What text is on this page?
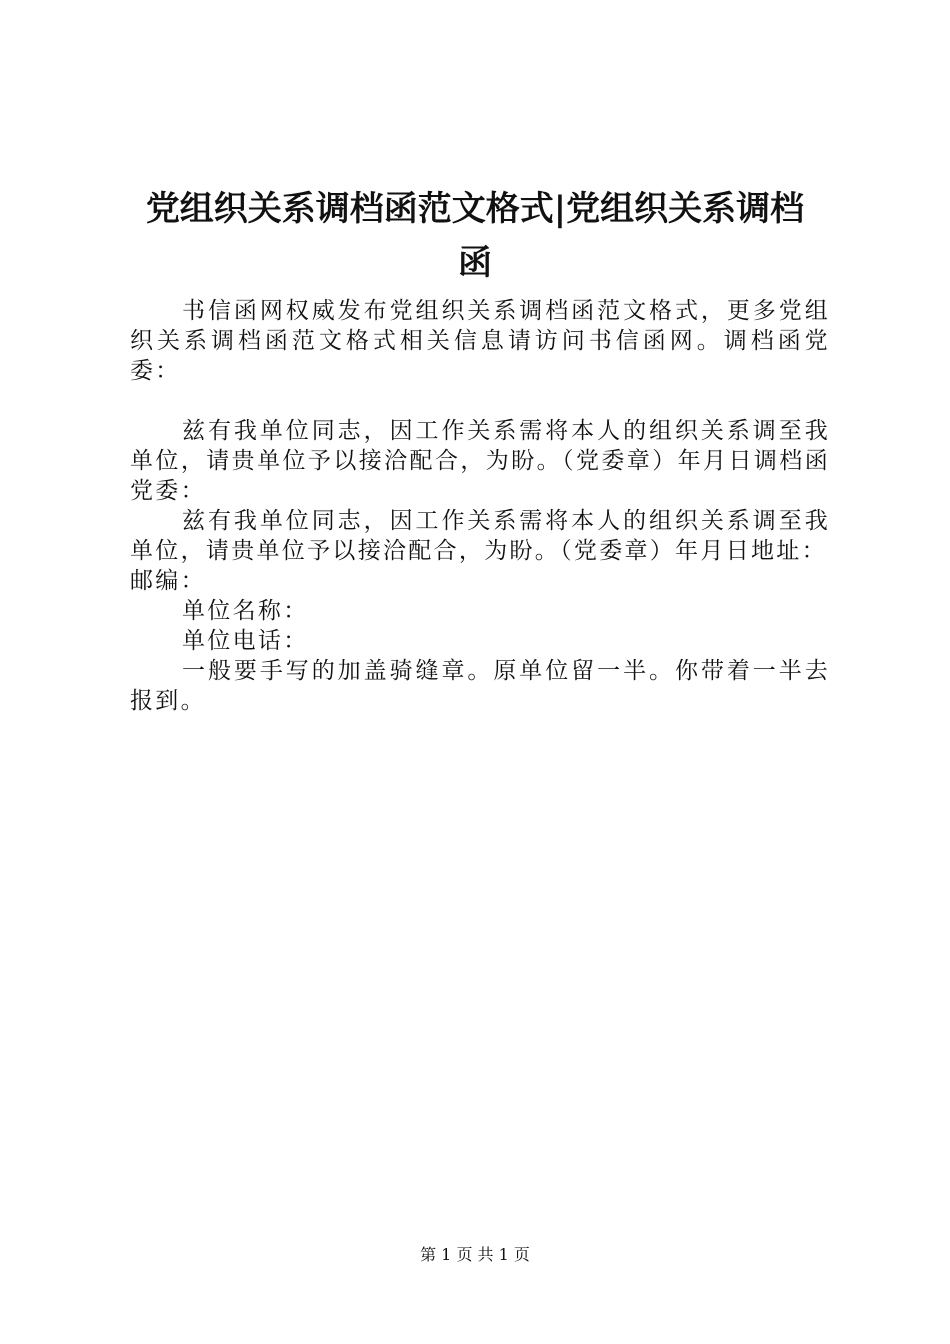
党组织关系调档函范文格式|党组织关系调档
函

书信函网权威发布党组织关系调档函范文格式，更多党组织关系调档函范文格式相关信息请访问书信函网。调档函党委：

兹有我单位同志，因工作关系需将本人的组织关系调至我单位，请贵单位予以接洽配合，为盼。（党委章）年月日调档函党委：

兹有我单位同志，因工作关系需将本人的组织关系调至我单位，请贵单位予以接洽配合，为盼。（党委章）年月日地址：

邮编：

单位名称：

单位电话：

一般要手写的加盖骑缝章。原单位留一半。你带着一半去报到。

第 1 页 共 1 页
